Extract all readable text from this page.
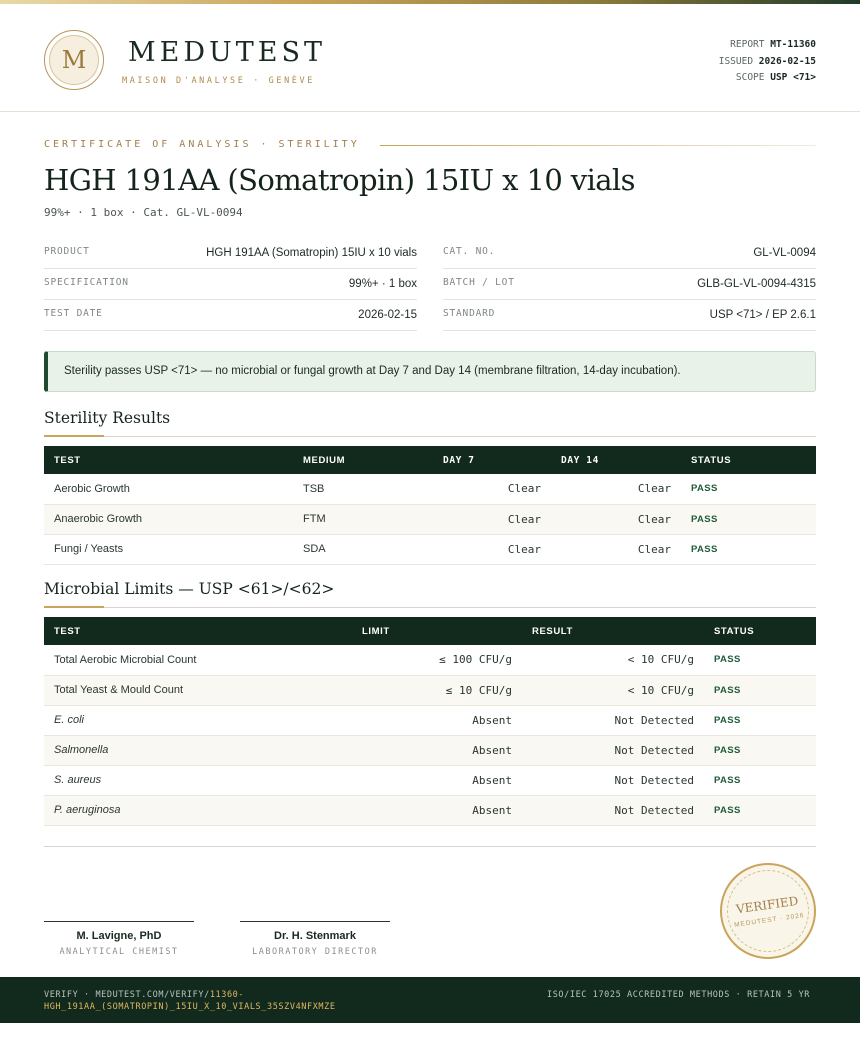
M	MEDUTEST
MAISON D'ANALYSE · GENÈVE
REPORT MT-11360
ISSUED 2026-02-15
SCOPE USP <71>
CERTIFICATE OF ANALYSIS · STERILITY
HGH 191AA (Somatropin) 15IU x 10 vials
99%+ · 1 box · Cat. GL-VL-0094
PRODUCT	HGH 191AA (Somatropin) 15IU x 10 vials
SPECIFICATION	99%+ · 1 box
TEST DATE	2026-02-15
CAT. NO.	GL-VL-0094
BATCH / LOT	GLB-GL-VL-0094-4315
STANDARD	USP <71> / EP 2.6.1
Sterility passes USP <71> — no microbial or fungal growth at Day 7 and Day 14 (membrane filtration, 14-day incubation).
Sterility Results
TEST	MEDIUM	DAY 7	DAY 14	STATUS
Aerobic Growth	TSB	Clear	Clear	PASS
Anaerobic Growth	FTM	Clear	Clear	PASS
Fungi / Yeasts	SDA	Clear	Clear	PASS
Microbial Limits — USP <61>/<62>
TEST	LIMIT	RESULT	STATUS
Total Aerobic Microbial Count	≤ 100 CFU/g	< 10 CFU/g	PASS
Total Yeast & Mould Count	≤ 10 CFU/g	< 10 CFU/g	PASS
E. coli	Absent	Not Detected	PASS
Salmonella	Absent	Not Detected	PASS
S. aureus	Absent	Not Detected	PASS
P. aeruginosa	Absent	Not Detected	PASS
M. Lavigne, PhD
ANALYTICAL CHEMIST
Dr. H. Stenmark
LABORATORY DIRECTOR
VERIFIED
MEDUTEST · 2026
VERIFY · MEDUTEST.COM/VERIFY/11360-HGH_191AA_(SOMATROPIN)_15IU_X_10_VIALS_35SZV4NFXMZE
ISO/IEC 17025 ACCREDITED METHODS · RETAIN 5 YR
